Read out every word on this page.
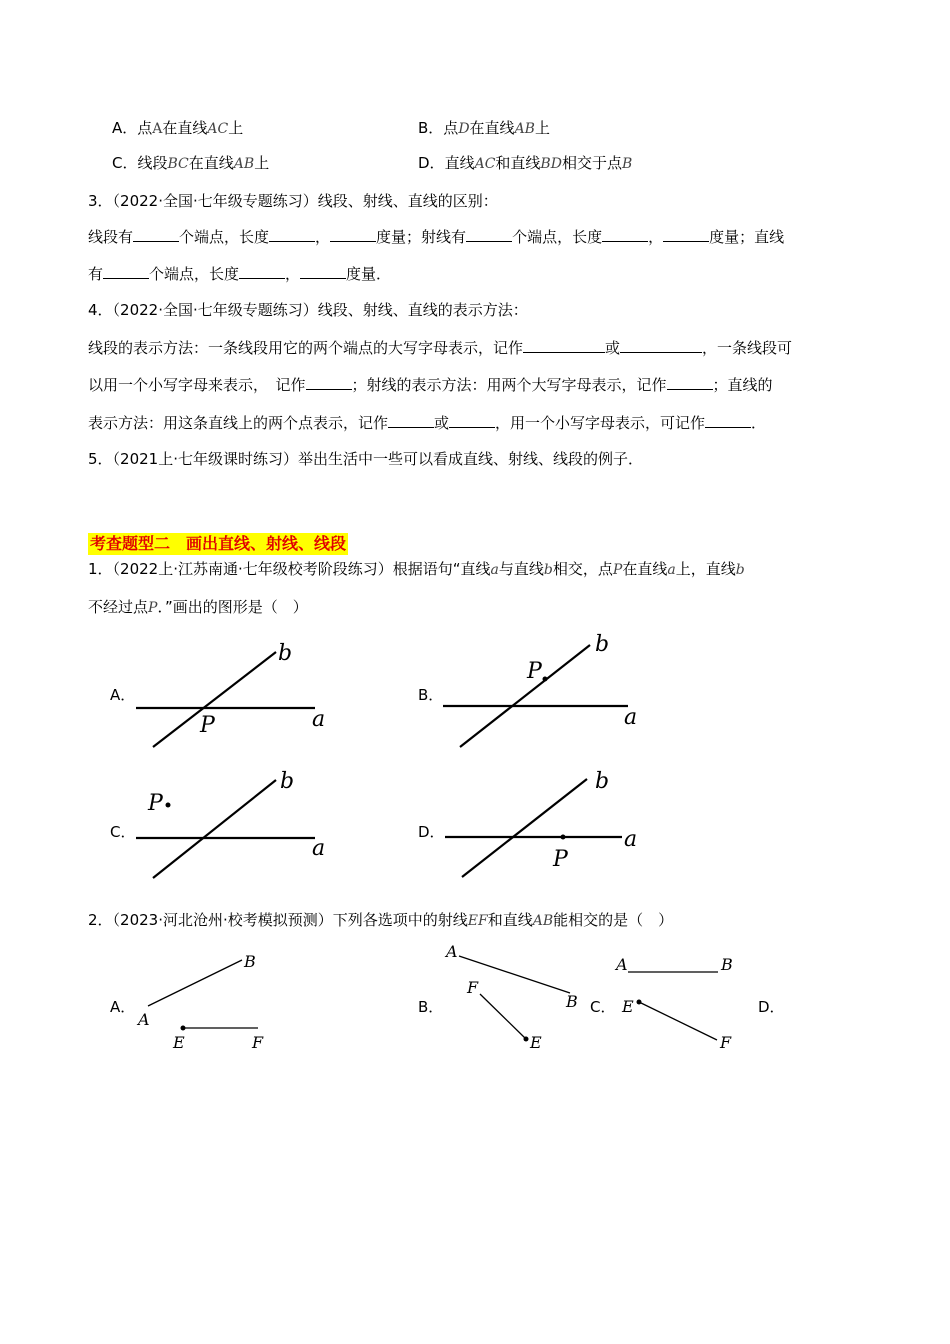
A．点A在直线AC上	B．点D在直线AB上
C．线段BC在直线AB上	D．直线AC和直线BD相交于点B
3．（2022·全国·七年级专题练习）线段、射线、直线的区别：
线段有	个端点，长度	，	度量；射线有	个端点，长度	，	度量；直线
有	个端点，长度	，	度量．
4．（2022·全国·七年级专题练习）线段、射线、直线的表示方法：
线段的表示方法：一条线段用它的两个端点的大写字母表示，记作	或	，一条线段可
以用一个小写字母来表示，　记作	；射线的表示方法：用两个大写字母表示，记作	；直线的
表示方法：用这条直线上的两个点表示，记作	或	，用一个小写字母表示，可记作	．
5．（2021上·七年级课时练习）举出生活中一些可以看成直线、射线、线段的例子．
考查题型二　画出直线、射线、线段
1．（2022上·江苏南通·七年级校考阶段练习）根据语句“直线a与直线b相交，点P在直线a上，直线b
不经过点P．”画出的图形是（　）
A．	B．
C．	D．
b
a
P
b
a
P
b
a
P
b
a
P
2．（2023·河北沧州·校考模拟预测）下列各选项中的射线EF和直线AB能相交的是（　）
A．	B．	C．	D．
B
A
E	F
A
B
F
E
A	B
E
F
